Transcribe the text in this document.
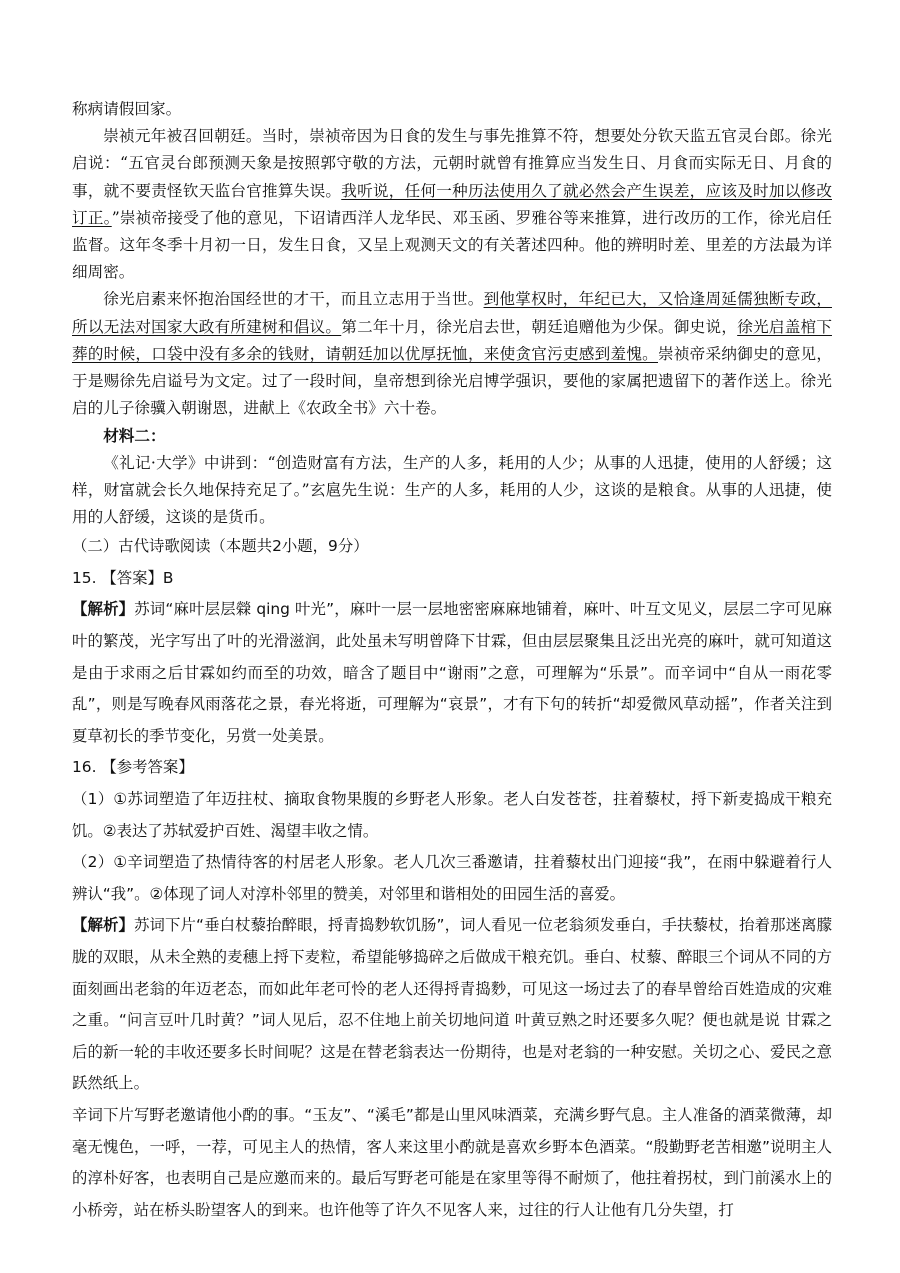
称病请假回家。

崇祯元年被召回朝廷。当时，崇祯帝因为日食的发生与事先推算不符，想要处分钦天监五官灵台郎。徐光启说：“五官灵台郎预测天象是按照郭守敬的方法，元朝时就曾有推算应当发生日、月食而实际无日、月食的事，就不要责怪钦天监台官推算失误。我听说，任何一种历法使用久了就必然会产生误差，应该及时加以修改订正。”崇祯帝接受了他的意见，下诏请西洋人龙华民、邓玉函、罗雅谷等来推算，进行改历的工作，徐光启任监督。这年冬季十月初一日，发生日食，又呈上观测天文的有关著述四种。他的辨明时差、里差的方法最为详细周密。

徐光启素来怀抱治国经世的才干，而且立志用于当世。到他掌权时，年纪已大，又恰逢周延儒独断专政，所以无法对国家大政有所建树和倡议。第二年十月，徐光启去世，朝廷追赠他为少保。御史说，徐光启盖棺下葬的时候，口袋中没有多余的钱财，请朝廷加以优厚抚恤，来使贪官污吏感到羞愧。崇祯帝采纳御史的意见，于是赐徐先启谥号为文定。过了一段时间，皇帝想到徐光启博学强识，要他的家属把遗留下的著作送上。徐光启的儿子徐骥入朝谢恩，进献上《农政全书》六十卷。

材料二：

《礼记·大学》中讲到：“创造财富有方法，生产的人多，耗用的人少；从事的人迅捷，使用的人舒缓；这样，财富就会长久地保持充足了。”玄扈先生说：生产的人多，耗用的人少，这谈的是粮食。从事的人迅捷，使用的人舒缓，这谈的是货币。

（二）古代诗歌阅读（本题共2小题，9分）

15. 【答案】B

【解析】苏词“麻叶层层檾 qing 叶光”，麻叶一层一层地密密麻麻地铺着，麻叶、叶互文见义，层层二字可见麻叶的繁茂，光字写出了叶的光滑滋润，此处虽未写明曾降下甘霖，但由层层聚集且泛出光亮的麻叶，就可知道这是由于求雨之后甘霖如约而至的功效，暗含了题目中“谢雨”之意，可理解为“乐景”。而辛词中“自从一雨花零乱”，则是写晚春风雨落花之景，春光将逝，可理解为“哀景”，才有下句的转折“却爱微风草动摇”，作者关注到夏草初长的季节变化，另赏一处美景。

16. 【参考答案】

（1）①苏词塑造了年迈拄杖、摘取食物果腹的乡野老人形象。老人白发苍苍，拄着藜杖，捋下新麦捣成干粮充饥。②表达了苏轼爱护百姓、渴望丰收之情。

（2）①辛词塑造了热情待客的村居老人形象。老人几次三番邀请，拄着藜杖出门迎接“我”，在雨中躲避着行人辨认“我”。②体现了词人对淳朴邻里的赞美，对邻里和谐相处的田园生活的喜爱。

【解析】苏词下片“垂白杖藜抬醉眼，捋青捣麨软饥肠”，词人看见一位老翁须发垂白，手扶藜杖，抬着那迷离朦胧的双眼，从未全熟的麦穗上捋下麦粒，希望能够捣碎之后做成干粮充饥。垂白、杖藜、醉眼三个词从不同的方面刻画出老翁的年迈老态，而如此年老可怜的老人还得捋青捣麨，可见这一场过去了的春旱曾给百姓造成的灾难之重。“问言豆叶几时黄？”词人见后，忍不住地上前关切地问道 叶黄豆熟之时还要多久呢？便也就是说 甘霖之后的新一轮的丰收还要多长时间呢？这是在替老翁表达一份期待，也是对老翁的一种安慰。关切之心、爱民之意跃然纸上。

辛词下片写野老邀请他小酌的事。“玉友”、“溪毛”都是山里风味酒菜，充满乡野气息。主人准备的酒菜微薄，却毫无愧色，一呼，一荐，可见主人的热情，客人来这里小酌就是喜欢乡野本色酒菜。“殷勤野老苦相邀”说明主人的淳朴好客，也表明自己是应邀而来的。最后写野老可能是在家里等得不耐烦了，他拄着拐杖，到门前溪水上的小桥旁，站在桥头盼望客人的到来。也许他等了许久不见客人来，过往的行人让他有几分失望，打
